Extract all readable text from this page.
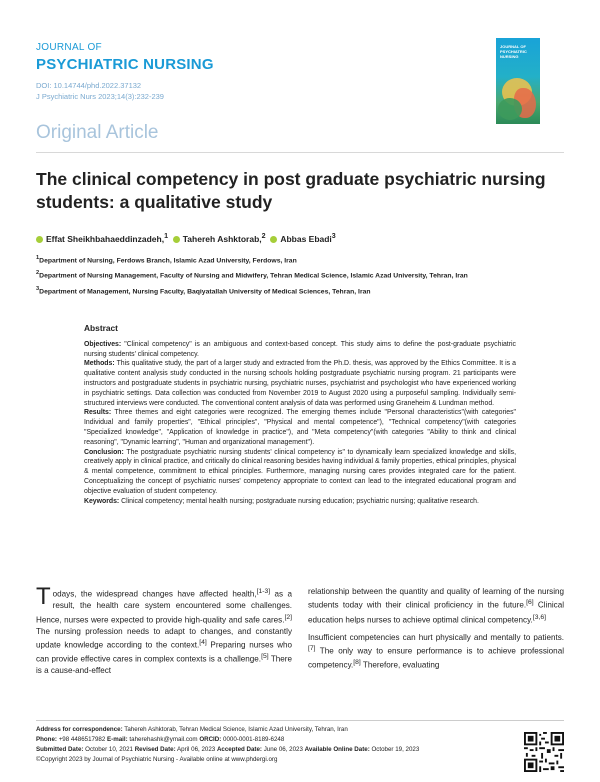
JOURNAL OF
PSYCHIATRIC NURSING
DOI: 10.14744/phd.2022.37132
J Psychiatric Nurs 2023;14(3):232-239
JOURNAL OF PSYCHIATRIC NURSING
Original Article
The clinical competency in post graduate psychiatric nursing students: a qualitative study
Effat Sheikhbahaeddinzadeh,$^1$ Tahereh Ashktorab,$^2$ Abbas Ebadi$^3$
$^1$Department of Nursing, Ferdows Branch, Islamic Azad University, Ferdows, Iran
$^2$Department of Nursing Management, Faculty of Nursing and Midwifery, Tehran Medical Science, Islamic Azad University, Tehran, Iran
$^3$Department of Management, Nursing Faculty, Baqiyatallah University of Medical Sciences, Tehran, Iran
Abstract

Objectives: "Clinical competency" is an ambiguous and context-based concept. This study aims to define the post-graduate psychiatric nursing students' clinical competency.

Methods: This qualitative study, the part of a larger study and extracted from the Ph.D. thesis, was approved by the Ethics Committee. It is a qualitative content analysis study conducted in the nursing schools holding postgraduate psychiatric nursing program. 21 participants were instructors and postgraduate students in psychiatric nursing, psychiatric nurses, psychiatrist and psychologist who have experienced working in psychiatric settings. Data collection was conducted from November 2019 to August 2020 using a purposeful sampling. Individually semi-structured interviews were conducted. The conventional content analysis of data was performed using Graneheim & Lundman method.

Results: Three themes and eight categories were recognized. The emerging themes include "Personal characteristics"(with categories" Individual and family properties", "Ethical principles", "Physical and mental competence"), "Technical competency"(with categories "Specialized knowledge", "Application of knowledge in practice"), and "Meta competency"(with categories "Ability to think and clinical reasoning", "Dynamic learning", "Human and organizational management").

Conclusion: The postgraduate psychiatric nursing students' clinical competency is" to dynamically learn specialized knowledge and skills, creatively apply in clinical practice, and critically do clinical reasoning besides having individual & family properties, ethical principles, physical & mental competence, commitment to ethical principles. Furthermore, managing nursing cares provides integrated care for the patient. Conceptualizing the concept of psychiatric nurses' competency appropriate to context can lead to the integrated educational program and objective evaluation of student competency.

Keywords: Clinical competency; mental health nursing; postgraduate nursing education; psychiatric nursing; qualitative research.

Todays, the widespread changes have affected health,[1-3] as a result, the health care system encountered some challenges. Hence, nurses were expected to provide high-quality and safe cares.[2] The nursing profession needs to adapt to changes, and constantly update knowledge according to the context.[4] Preparing nurses who can provide effective cares in complex contexts is a challenge.[5] There is a cause-and-effect

relationship between the quantity and quality of learning of the nursing students today with their clinical proficiency in the future.[6] Clinical education helps nurses to achieve optimal clinical competency.[3,6]

Insufficient competencies can hurt physically and mentally to patients.[7] The only way to ensure performance is to achieve professional competency.[8] Therefore, evaluating

Address for correspondence: Tahereh Ashktorab, Tehran Medical Science, Islamic Azad University, Tehran, Iran
Phone: +98 4486517982 E-mail: taherehashk@ymail.com ORCID: 0000-0001-8189-6248
Submitted Date: October 10, 2021 Revised Date: April 06, 2023 Accepted Date: June 06, 2023 Available Online Date: October 19, 2023
©Copyright 2023 by Journal of Psychiatric Nursing - Available online at www.phdergi.org
